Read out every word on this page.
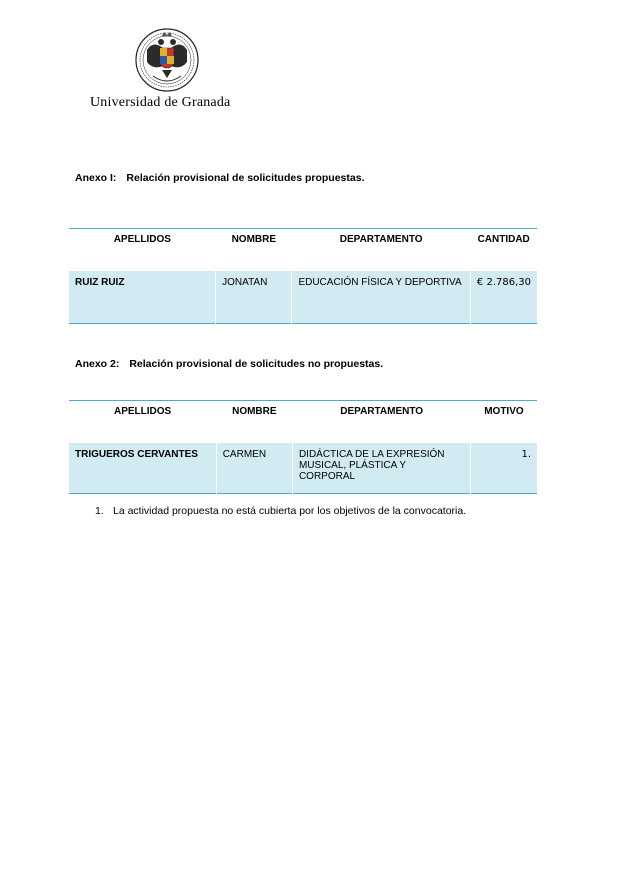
Universidad de Granada
Anexo I: Relación provisional de solicitudes propuestas.
APELLIDOS	NOMBRE	DEPARTAMENTO	CANTIDAD
RUIZ RUIZ	JONATAN	EDUCACIÓN FÍSICA Y DEPORTIVA	€ 2.786,30
Anexo 2: Relación provisional de solicitudes no propuestas.
APELLIDOS	NOMBRE	DEPARTAMENTO	MOTIVO
TRIGUEROS CERVANTES	CARMEN	DIDÁCTICA DE LA EXPRESIÓN MUSICAL, PLÁSTICA Y CORPORAL	1.
1. La actividad propuesta no está cubierta por los objetivos de la convocatoria.
